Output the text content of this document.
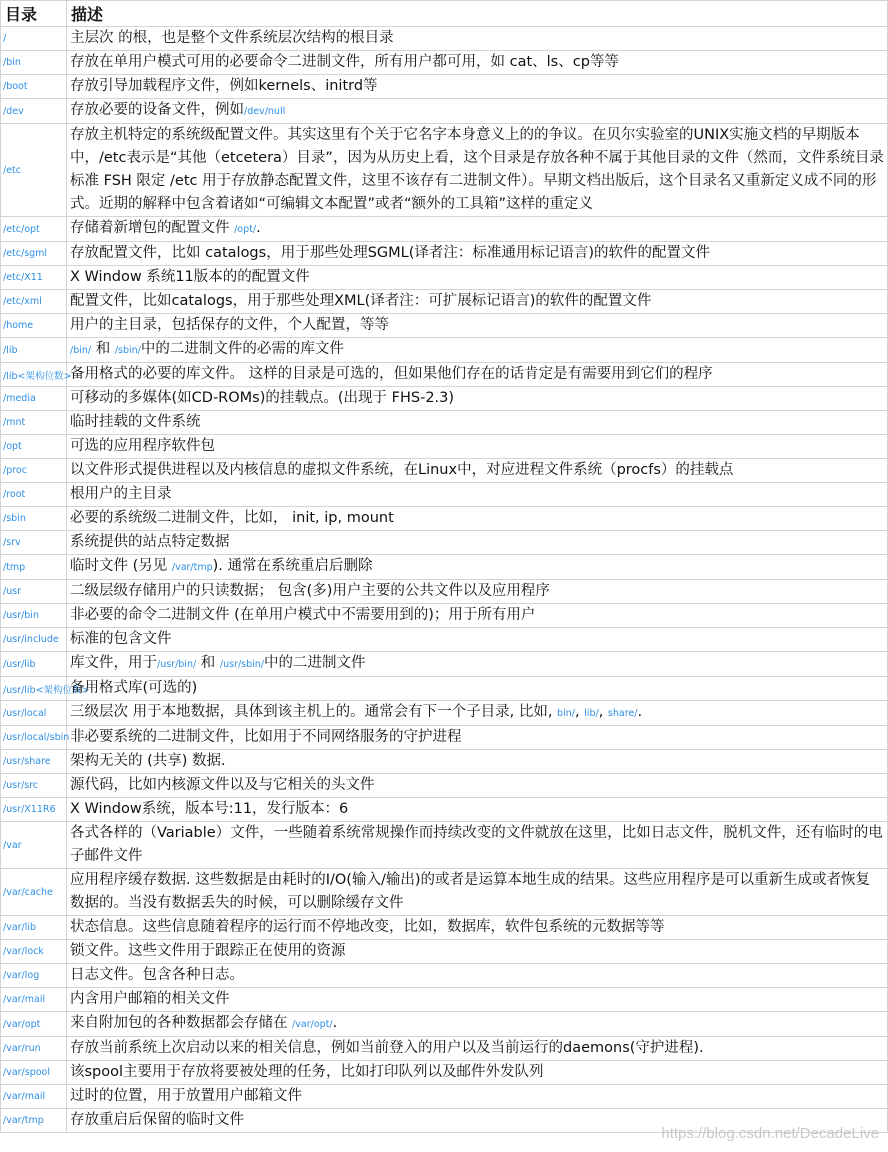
目录	描述
/	主层次 的根，也是整个文件系统层次结构的根目录
/bin	存放在单用户模式可用的必要命令二进制文件，所有用户都可用，如 cat、ls、cp等等
/boot	存放引导加载程序文件，例如kernels、initrd等
/dev	存放必要的设备文件，例如/dev/null
/etc	存放主机特定的系统级配置文件。其实这里有个关于它名字本身意义上的的争议。在贝尔实验室的UNIX实施文档的早期版本中，/etc表示是“其他（etcetera）目录”，因为从历史上看，这个目录是存放各种不属于其他目录的文件（然而，文件系统目录标准 FSH 限定 /etc 用于存放静态配置文件，这里不该存有二进制文件）。早期文档出版后，这个目录名又重新定义成不同的形式。近期的解释中包含着诸如“可编辑文本配置”或者“额外的工具箱”这样的重定义
/etc/opt	存储着新增包的配置文件 /opt/.
/etc/sgml	存放配置文件，比如 catalogs，用于那些处理SGML(译者注：标准通用标记语言)的软件的配置文件
/etc/X11	X Window 系统11版本的的配置文件
/etc/xml	配置文件，比如catalogs，用于那些处理XML(译者注：可扩展标记语言)的软件的配置文件
/home	用户的主目录，包括保存的文件，个人配置，等等
/lib	/bin/ 和 /sbin/中的二进制文件的必需的库文件
/lib<架构位数>	备用格式的必要的库文件。 这样的目录是可选的，但如果他们存在的话肯定是有需要用到它们的程序
/media	可移动的多媒体(如CD-ROMs)的挂载点。(出现于 FHS-2.3)
/mnt	临时挂载的文件系统
/opt	可选的应用程序软件包
/proc	以文件形式提供进程以及内核信息的虚拟文件系统，在Linux中，对应进程文件系统（procfs）的挂载点
/root	根用户的主目录
/sbin	必要的系统级二进制文件，比如， init, ip, mount
/srv	系统提供的站点特定数据
/tmp	临时文件 (另见 /var/tmp). 通常在系统重启后删除
/usr	二级层级存储用户的只读数据； 包含(多)用户主要的公共文件以及应用程序
/usr/bin	非必要的命令二进制文件 (在单用户模式中不需要用到的)；用于所有用户
/usr/include	标准的包含文件
/usr/lib	库文件，用于/usr/bin/ 和 /usr/sbin/中的二进制文件
/usr/lib<架构位数>	备用格式库(可选的)
/usr/local	三级层次 用于本地数据，具体到该主机上的。通常会有下一个子目录, 比如, bin/, lib/, share/.
/usr/local/sbin	非必要系统的二进制文件，比如用于不同网络服务的守护进程
/usr/share	架构无关的 (共享) 数据.
/usr/src	源代码，比如内核源文件以及与它相关的头文件
/usr/X11R6	X Window系统，版本号:11，发行版本：6
/var	各式各样的（Variable）文件，一些随着系统常规操作而持续改变的文件就放在这里，比如日志文件，脱机文件，还有临时的电子邮件文件
/var/cache	应用程序缓存数据. 这些数据是由耗时的I/O(输入/输出)的或者是运算本地生成的结果。这些应用程序是可以重新生成或者恢复数据的。当没有数据丢失的时候，可以删除缓存文件
/var/lib	状态信息。这些信息随着程序的运行而不停地改变，比如，数据库，软件包系统的元数据等等
/var/lock	锁文件。这些文件用于跟踪正在使用的资源
/var/log	日志文件。包含各种日志。
/var/mail	内含用户邮箱的相关文件
/var/opt	来自附加包的各种数据都会存储在 /var/opt/.
/var/run	存放当前系统上次启动以来的相关信息，例如当前登入的用户以及当前运行的daemons(守护进程).
/var/spool	该spool主要用于存放将要被处理的任务，比如打印队列以及邮件外发队列
/var/mail	过时的位置，用于放置用户邮箱文件
/var/tmp	存放重启后保留的临时文件
https://blog.csdn.net/DecadeLive
